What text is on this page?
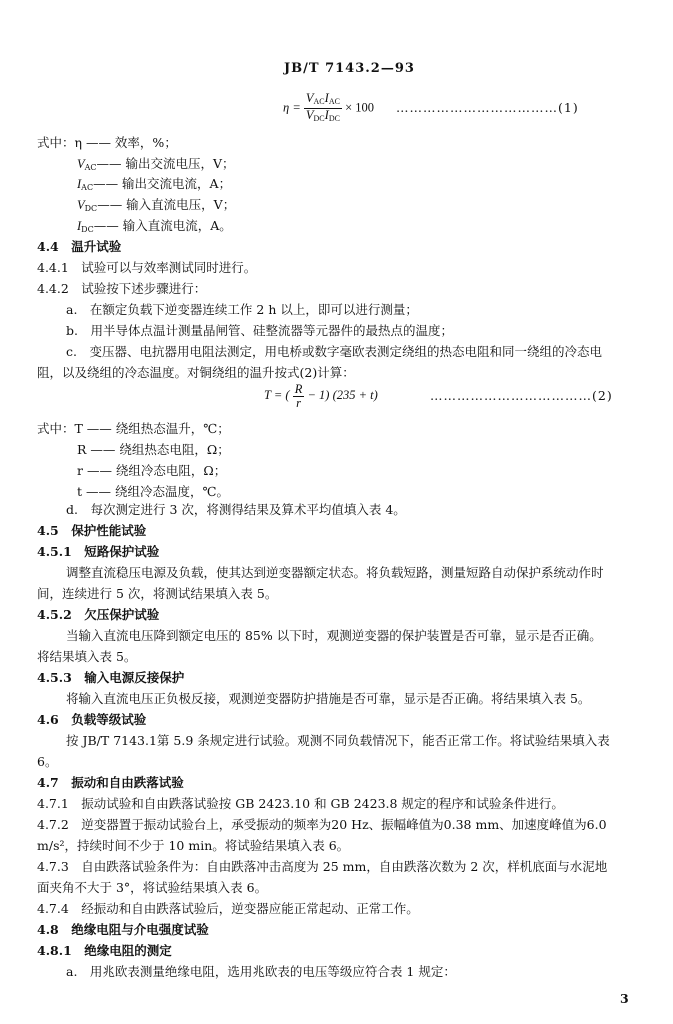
JB/T 7143.2—93
$\eta = \frac{V_{AC}I_{AC}}{V_{DC}I_{DC}} \times 100$ ………………………………(1)
式中：η —— 效率，%；
$V_{AC}——$ 输出交流电压，V；
$I_{AC}——$ 输出交流电流，A；
$V_{DC}——$ 输入直流电压，V；
$I_{DC}——$ 输入直流电流，A。
4.4　温升试验
4.4.1　试验可以与效率测试同时进行。
4.4.2　试验按下述步骤进行：
a.　在额定负载下逆变器连续工作 2 h 以上，即可以进行测量；
b.　用半导体点温计测量晶闸管、硅整流器等元器件的最热点的温度；
c.　变压器、电抗器用电阻法测定，用电桥或数字毫欧表测定绕组的热态电阻和同一绕组的冷态电
阻，以及绕组的冷态温度。对铜绕组的温升按式(2)计算：
T = ( $\frac{R}{r} - 1$) (235 + t)	………………………………(2)
式中：T —— 绕组热态温升，℃；
R —— 绕组热态电阻，Ω；
r —— 绕组冷态电阻，Ω；
t —— 绕组冷态温度，℃。
d.　每次测定进行 3 次，将测得结果及算术平均值填入表 4。
4.5　保护性能试验
4.5.1　短路保护试验
调整直流稳压电源及负载，使其达到逆变器额定状态。将负载短路，测量短路自动保护系统动作时
间，连续进行 5 次，将测试结果填入表 5。
4.5.2　欠压保护试验
当输入直流电压降到额定电压的 85% 以下时，观测逆变器的保护装置是否可靠，显示是否正确。
将结果填入表 5。
4.5.3　输入电源反接保护
将输入直流电压正负极反接，观测逆变器防护措施是否可靠，显示是否正确。将结果填入表 5。
4.6　负载等级试验
按 JB/T 7143.1第 5.9 条规定进行试验。观测不同负载情况下，能否正常工作。将试验结果填入表
6。
4.7　振动和自由跌落试验
4.7.1　振动试验和自由跌落试验按 GB 2423.10 和 GB 2423.8 规定的程序和试验条件进行。
4.7.2　逆变器置于振动试验台上，承受振动的频率为20 Hz、振幅峰值为0.38 mm、加速度峰值为6.0
m/s²，持续时间不少于 10 min。将试验结果填入表 6。
4.7.3　自由跌落试验条件为：自由跌落冲击高度为 25 mm，自由跌落次数为 2 次，样机底面与水泥地
面夹角不大于 3°，将试验结果填入表 6。
4.7.4　经振动和自由跌落试验后，逆变器应能正常起动、正常工作。
4.8　绝缘电阻与介电强度试验
4.8.1　绝缘电阻的测定
a.　用兆欧表测量绝缘电阻，选用兆欧表的电压等级应符合表 1 规定：
3
